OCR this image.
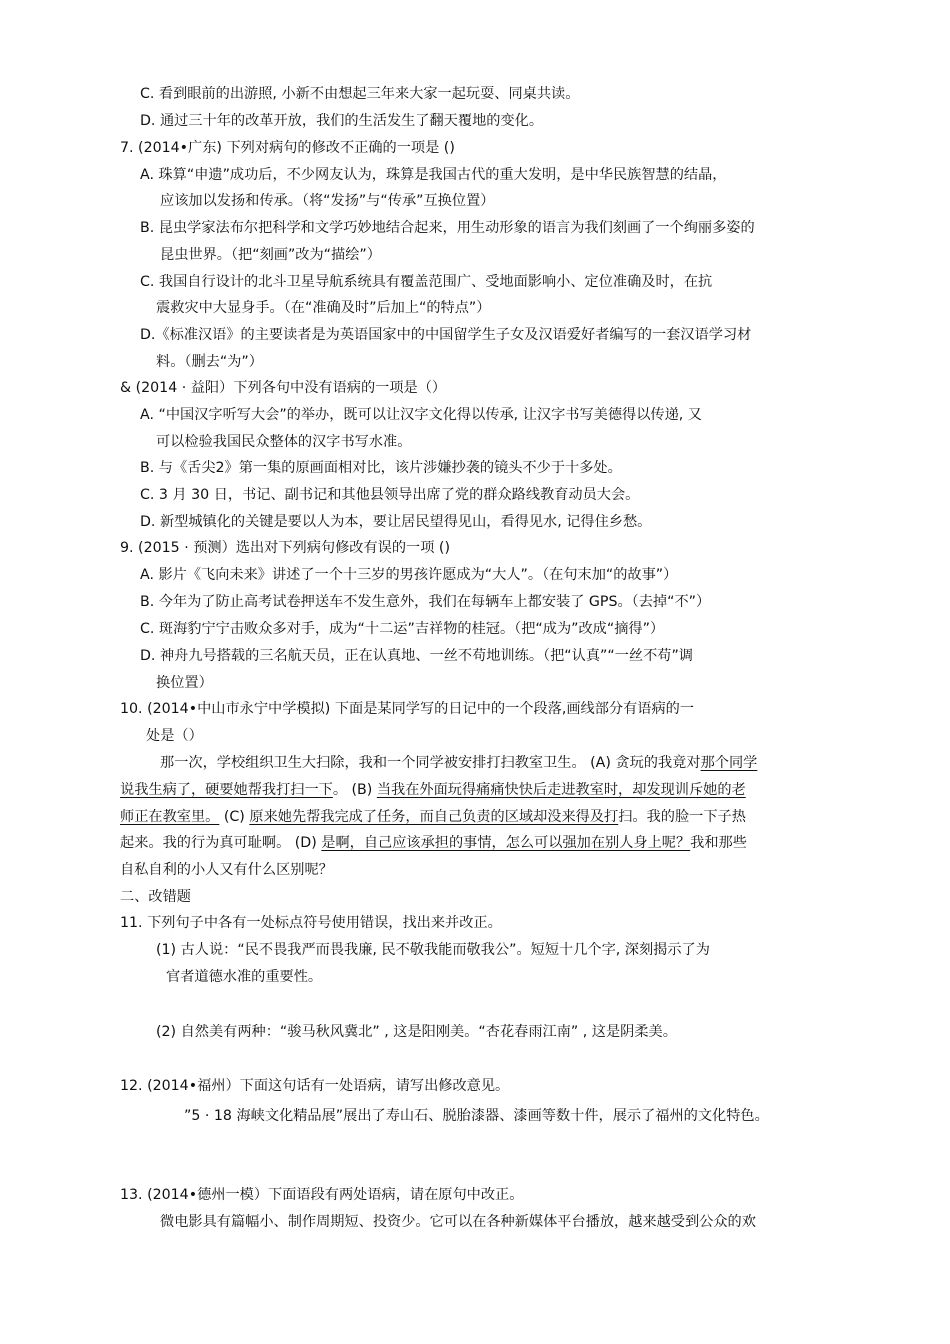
C. 看到眼前的出游照, 小新不由想起三年来大家一起玩耍、同桌共读。
D. 通过三十年的改革开放，我们的生活发生了翻天覆地的变化。
7. (2014•广东) 下列对病句的修改不正确的一项是 ()
A. 珠算“申遗”成功后，不少网友认为，珠算是我国古代的重大发明，是中华民族智慧的结晶，
应该加以发扬和传承。（将“发扬”与“传承”互换位置）
B. 昆虫学家法布尔把科学和文学巧妙地结合起来，用生动形象的语言为我们刻画了一个绚丽多姿的
昆虫世界。（把“刻画”改为“描绘”）
C. 我国自行设计的北斗卫星导航系统具有覆盖范围广、受地面影响小、定位准确及时，在抗
震救灾中大显身手。（在“准确及时”后加上“的特点”）
D.《标准汉语》的主要读者是为英语国家中的中国留学生子女及汉语爱好者编写的一套汉语学习材
料。（删去“为”）
& (2014 · 益阳）下列各句中没有语病的一项是（）
A. “中国汉字听写大会”的举办，既可以让汉字文化得以传承, 让汉字书写美德得以传递, 又
可以检验我国民众整体的汉字书写水准。
B. 与《舌尖2》第一集的原画面相对比，该片涉嫌抄袭的镜头不少于十多处。
C. 3 月 30 日，书记、副书记和其他县领导出席了党的群众路线教育动员大会。
D. 新型城镇化的关键是要以人为本，要让居民望得见山，看得见水, 记得住乡愁。
9. (2015 · 预测）选出对下列病句修改有误的一项 ()
A. 影片《飞向未来》讲述了一个十三岁的男孩许愿成为“大人”。（在句末加“的故事”）
B. 今年为了防止高考试卷押送车不发生意外，我们在每辆车上都安装了 GPS。（去掉“不”）
C. 斑海豹宁宁击败众多对手，成为“十二运”吉祥物的桂冠。（把“成为”改成“摘得”）
D. 神舟九号搭载的三名航天员，正在认真地、一丝不苟地训练。（把“认真”“一丝不苟”调
换位置）
10. (2014•中山市永宁中学模拟) 下面是某同学写的日记中的一个段落,画线部分有语病的一
处是（）
那一次，学校组织卫生大扫除，我和一个同学被安排打扫教室卫生。 (A) 贪玩的我竟对那个同学
说我生病了，硬要她帮我打扫一下。 (B) 当我在外面玩得痛痛快快后走进教室时，却发现训斥她的老
师正在教室里。 (C) 原来她先帮我完成了任务，而自己负责的区域却没来得及打扫。我的脸一下子热
起来。我的行为真可耻啊。 (D) 是啊，自己应该承担的事情，怎么可以强加在别人身上呢？我和那些
自私自利的小人又有什么区别呢？
二、改错题
11. 下列句子中各有一处标点符号使用错误，找出来并改正。
(1) 古人说：“民不畏我严而畏我廉, 民不敬我能而敬我公”。短短十几个字, 深刻揭示了为
官者道德水准的重要性。
(2) 自然美有两种：“骏马秋风冀北” , 这是阳刚美。“杏花春雨江南” , 这是阴柔美。
12. (2014•福州）下面这句话有一处语病，请写出修改意见。
”5 · 18 海峡文化精品展”展出了寿山石、脱胎漆器、漆画等数十件，展示了福州的文化特色。
13. (2014•德州一模）下面语段有两处语病，请在原句中改正。
微电影具有篇幅小、制作周期短、投资少。它可以在各种新媒体平台播放，越来越受到公众的欢
